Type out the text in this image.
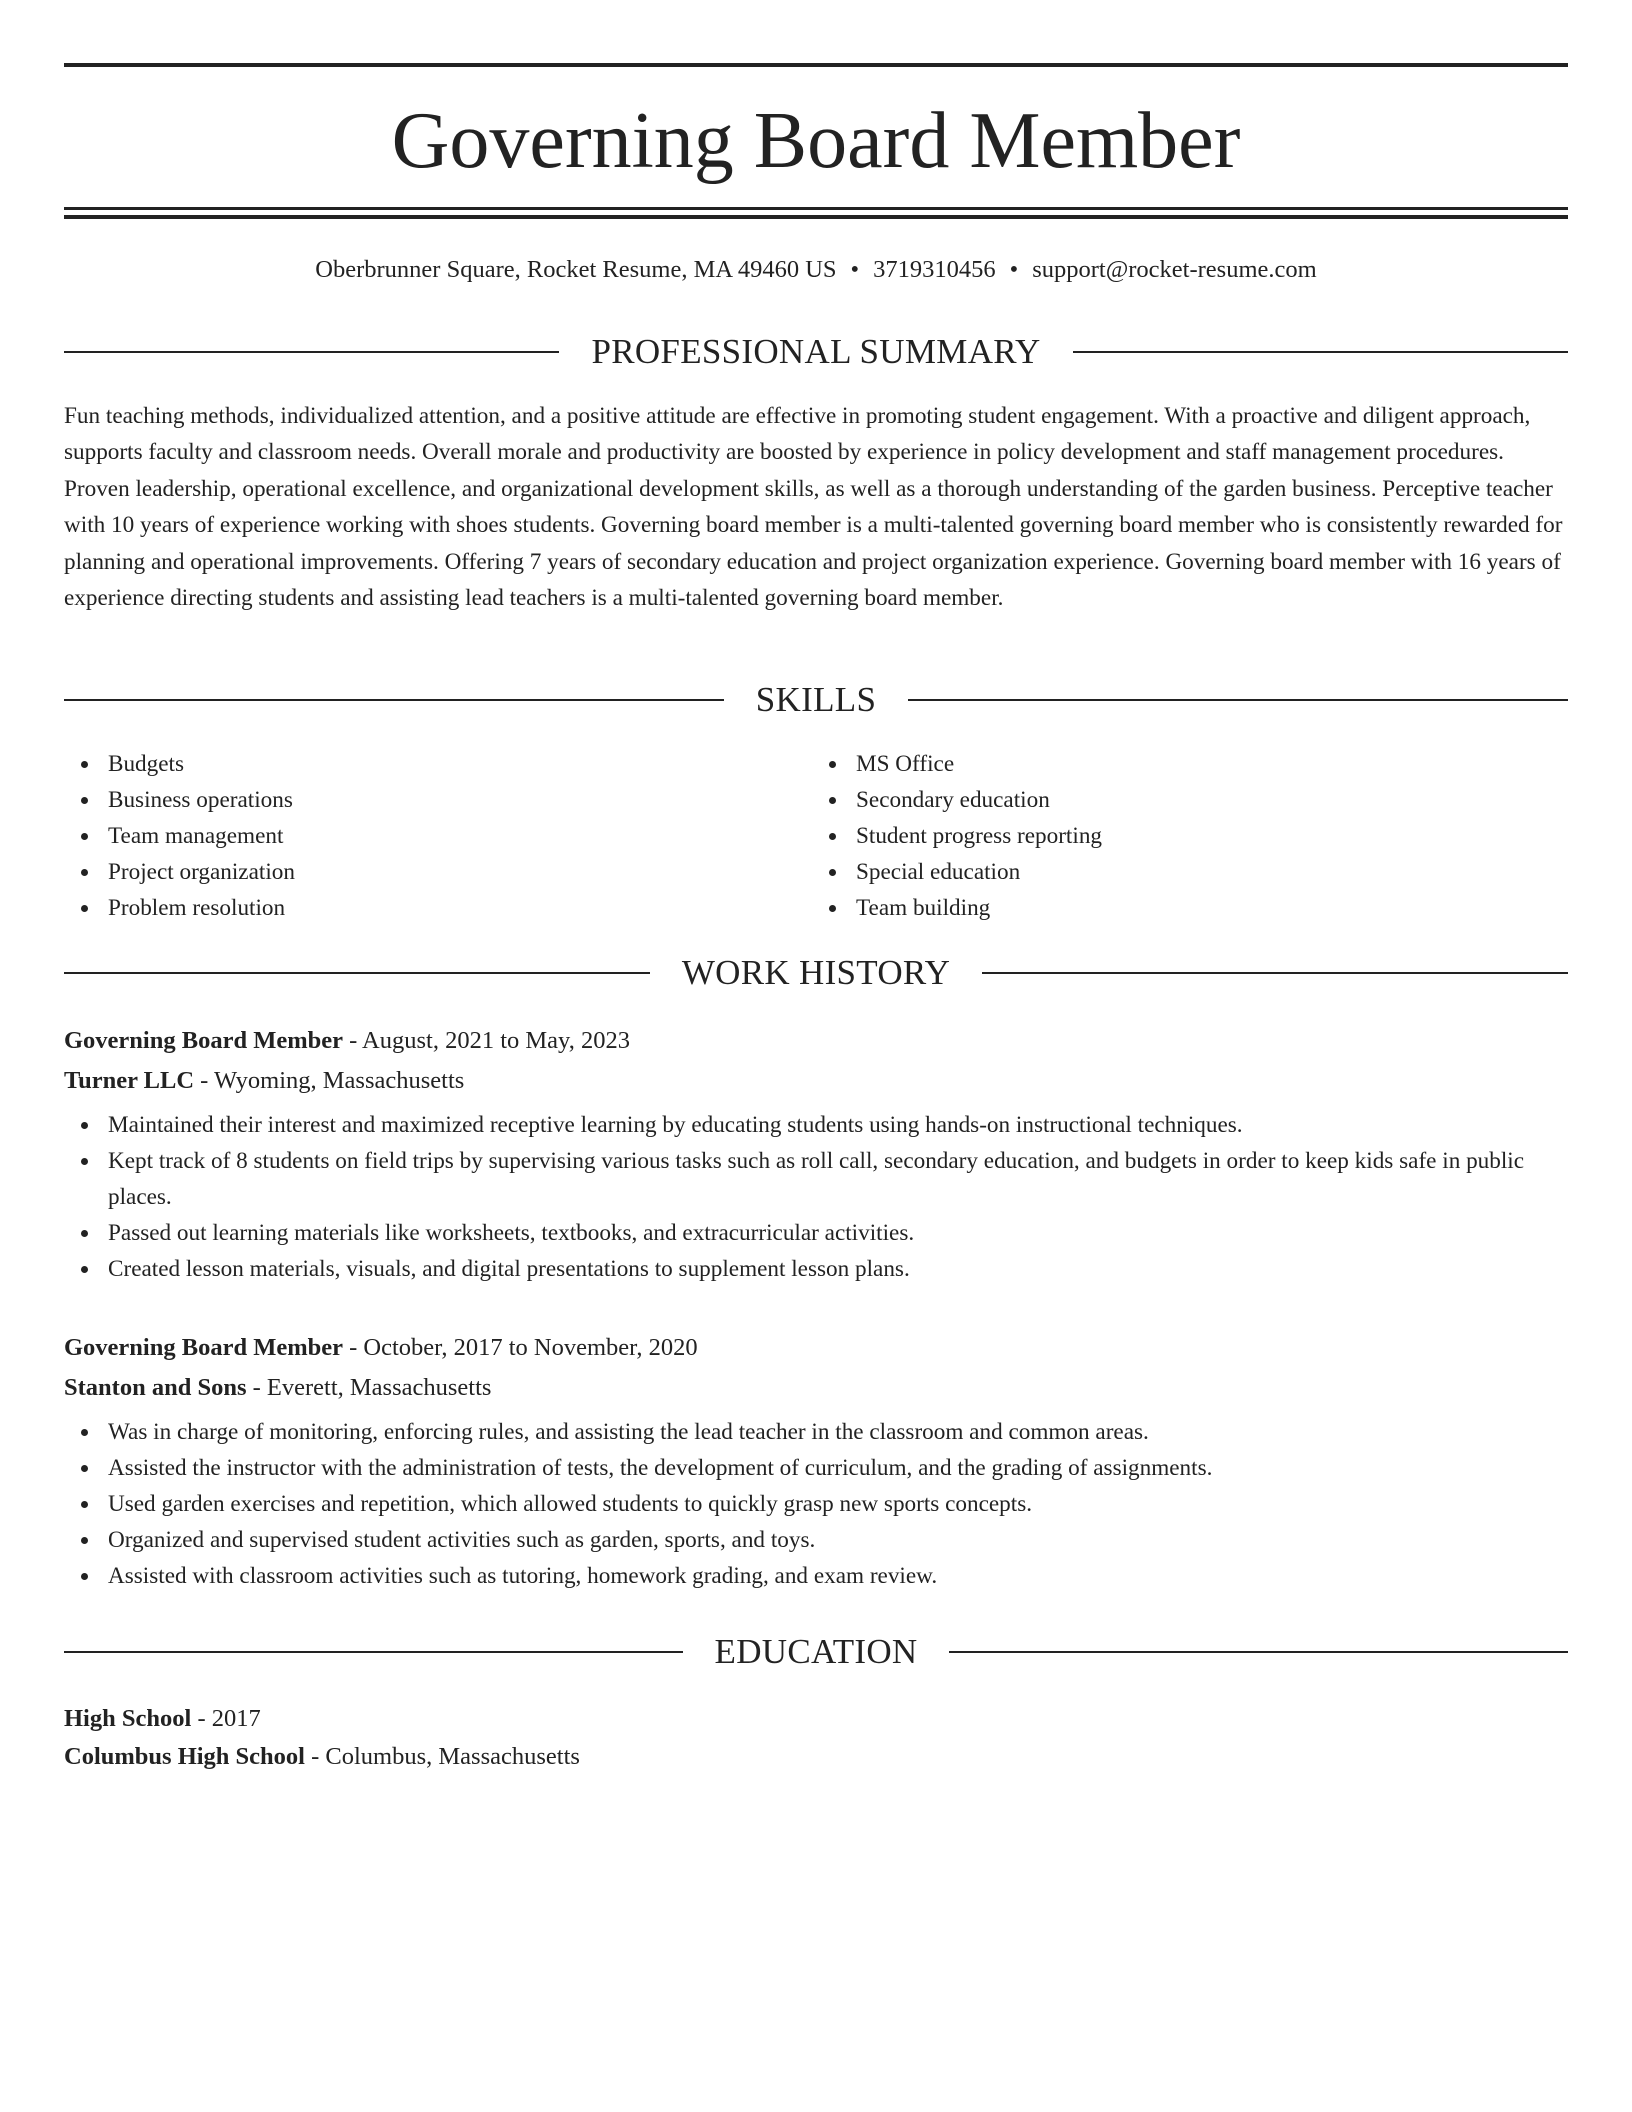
Governing Board Member
Oberbrunner Square, Rocket Resume, MA 49460 US • 3719310456 • support@rocket-resume.com
PROFESSIONAL SUMMARY

Fun teaching methods, individualized attention, and a positive attitude are effective in promoting student engagement. With a proactive and diligent approach, supports faculty and classroom needs. Overall morale and productivity are boosted by experience in policy development and staff management procedures. Proven leadership, operational excellence, and organizational development skills, as well as a thorough understanding of the garden business. Perceptive teacher with 10 years of experience working with shoes students. Governing board member is a multi-talented governing board member who is consistently rewarded for planning and operational improvements. Offering 7 years of secondary education and project organization experience. Governing board member with 16 years of experience directing students and assisting lead teachers is a multi-talented governing board member.

SKILLS
Budgets
Business operations
Team management
Project organization
Problem resolution
MS Office
Secondary education
Student progress reporting
Special education
Team building
WORK HISTORY
Governing Board Member - August, 2021 to May, 2023
Turner LLC - Wyoming, Massachusetts
Maintained their interest and maximized receptive learning by educating students using hands-on instructional techniques.
Kept track of 8 students on field trips by supervising various tasks such as roll call, secondary education, and budgets in order to keep kids safe in public places.
Passed out learning materials like worksheets, textbooks, and extracurricular activities.
Created lesson materials, visuals, and digital presentations to supplement lesson plans.
Governing Board Member - October, 2017 to November, 2020
Stanton and Sons - Everett, Massachusetts
Was in charge of monitoring, enforcing rules, and assisting the lead teacher in the classroom and common areas.
Assisted the instructor with the administration of tests, the development of curriculum, and the grading of assignments.
Used garden exercises and repetition, which allowed students to quickly grasp new sports concepts.
Organized and supervised student activities such as garden, sports, and toys.
Assisted with classroom activities such as tutoring, homework grading, and exam review.
EDUCATION
High School - 2017
Columbus High School - Columbus, Massachusetts
